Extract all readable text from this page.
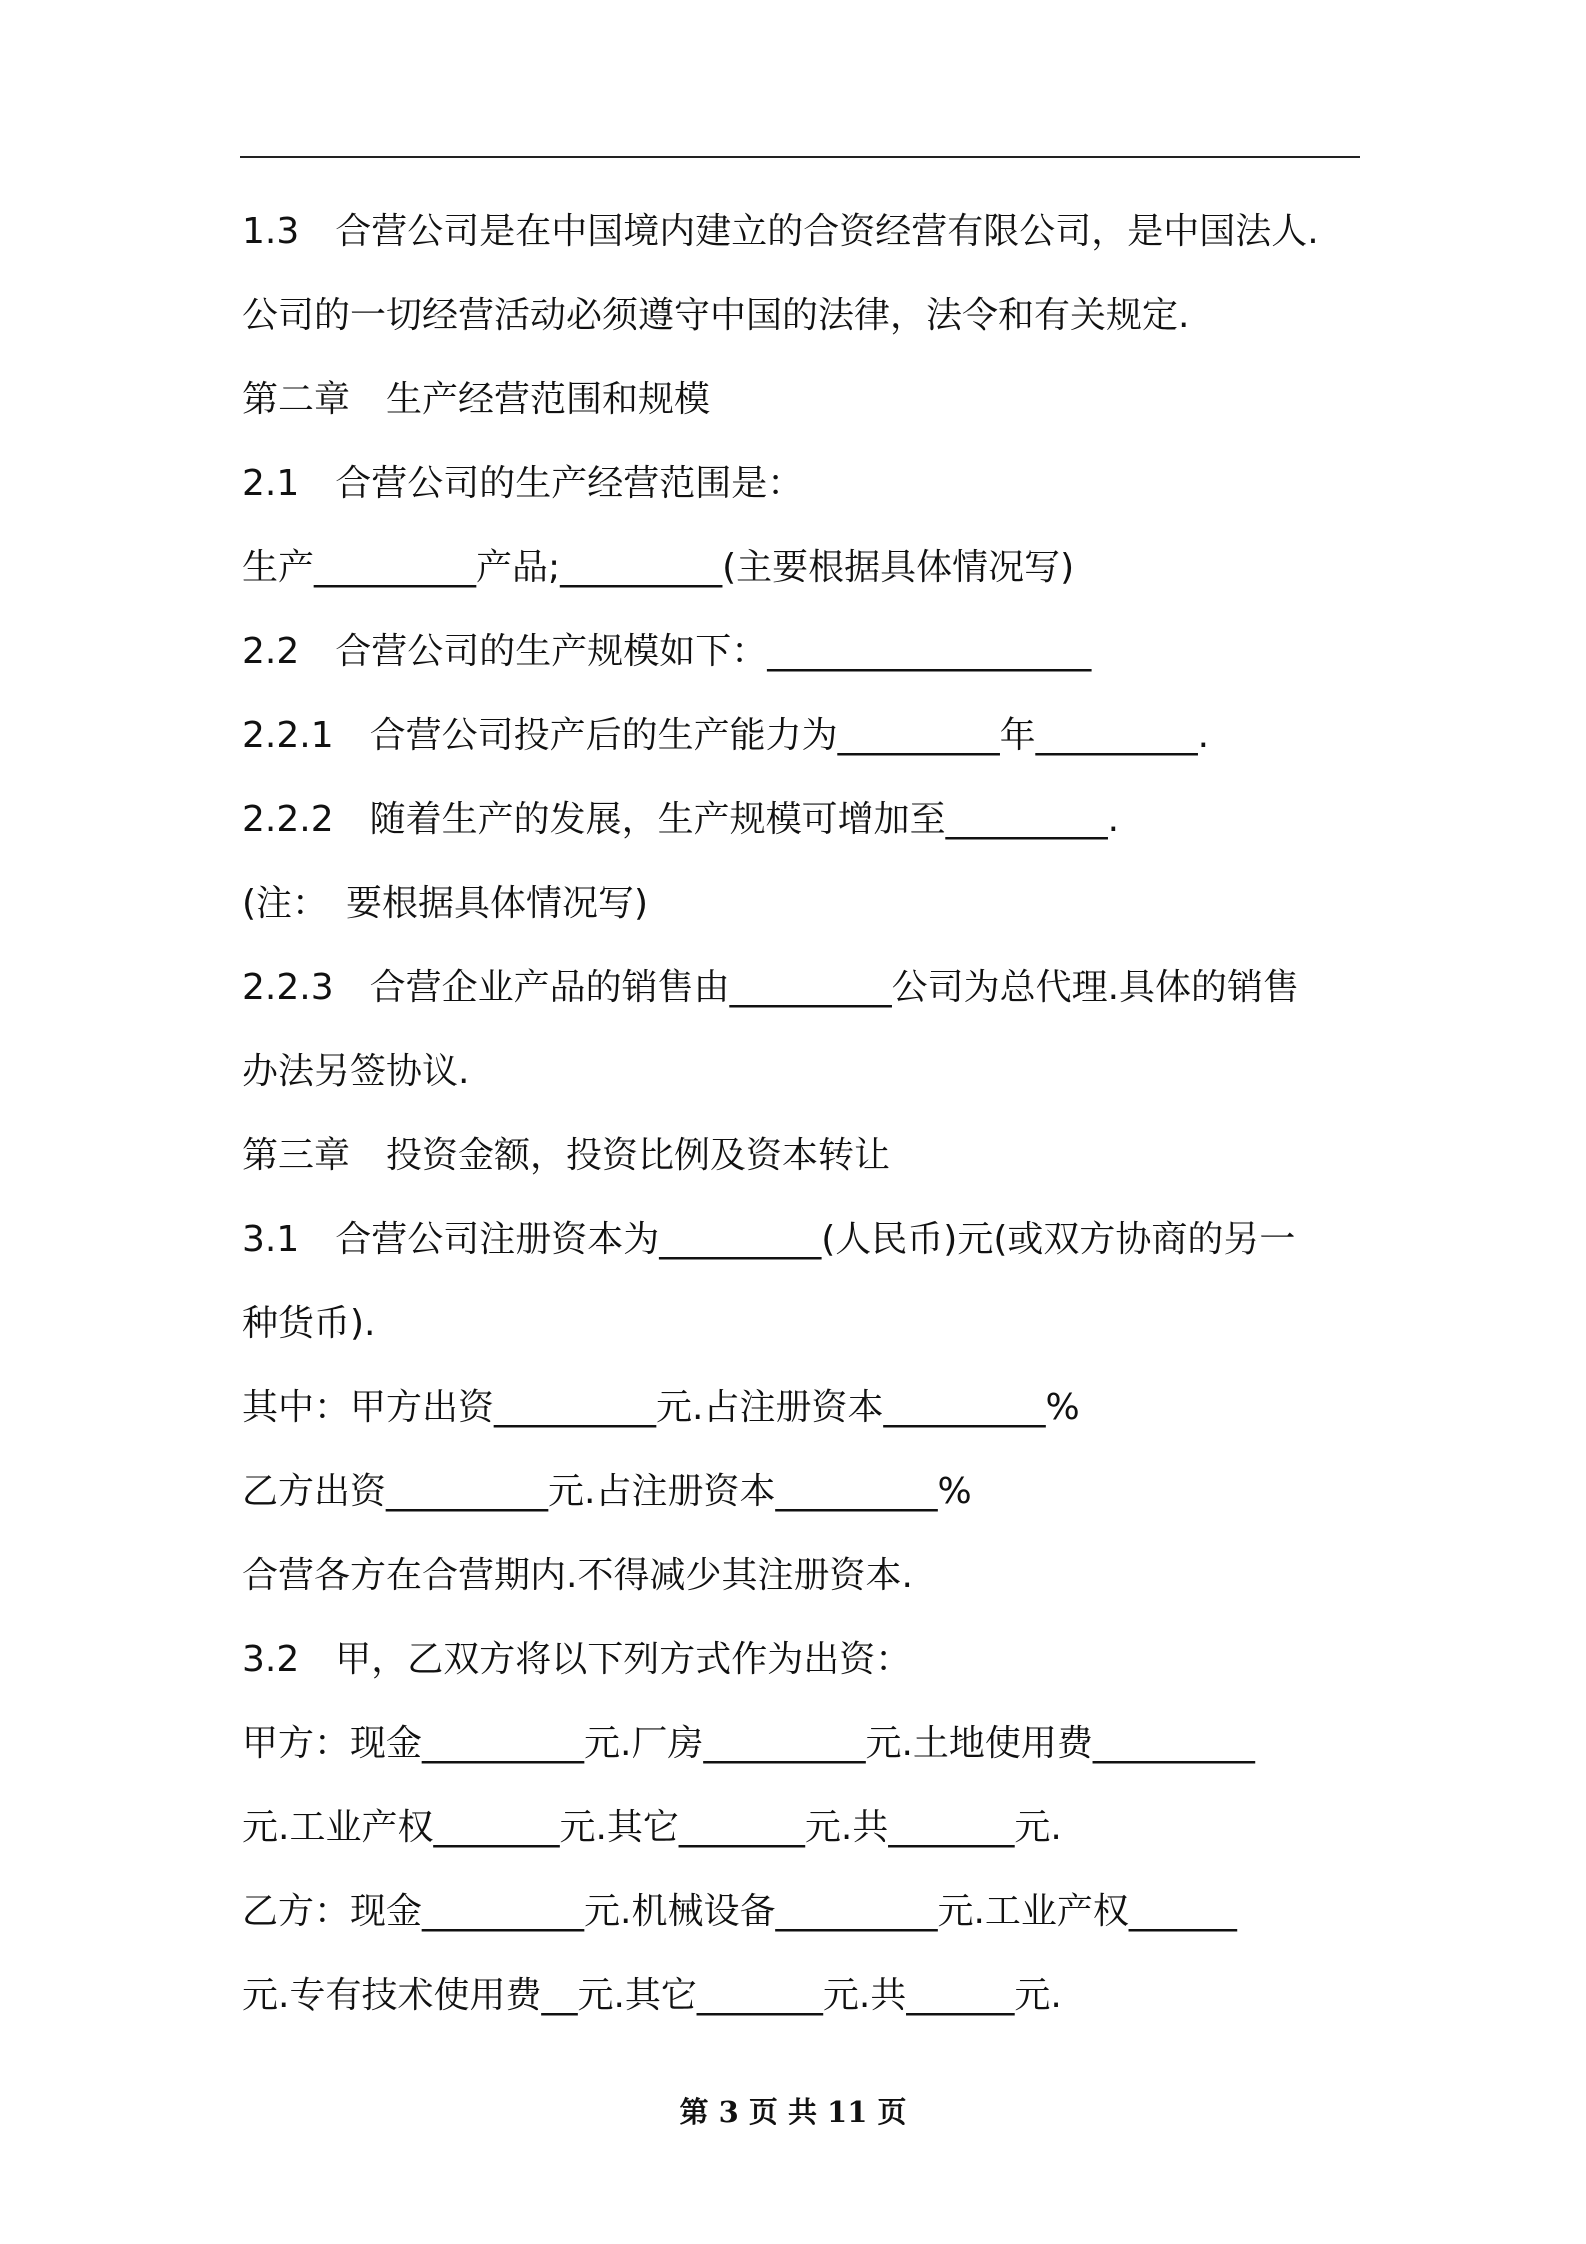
1.3　合营公司是在中国境内建立的合资经营有限公司，是中国法人.
公司的一切经营活动必须遵守中国的法律，法令和有关规定.
第二章　生产经营范围和规模
2.1　合营公司的生产经营范围是：
生产_________产品;_________(主要根据具体情况写)
2.2　合营公司的生产规模如下：__________________
2.2.1　合营公司投产后的生产能力为_________年_________.
2.2.2　随着生产的发展，生产规模可增加至_________.
(注：　要根据具体情况写)
2.2.3　合营企业产品的销售由_________公司为总代理.具体的销售
办法另签协议.
第三章　投资金额，投资比例及资本转让
3.1　合营公司注册资本为_________(人民币)元(或双方协商的另一
种货币).
其中：甲方出资_________元.占注册资本_________%
乙方出资_________元.占注册资本_________%
合营各方在合营期内.不得减少其注册资本.
3.2　甲，乙双方将以下列方式作为出资：
甲方：现金_________元.厂房_________元.土地使用费_________
元.工业产权_______元.其它_______元.共_______元.
乙方：现金_________元.机械设备_________元.工业产权______
元.专有技术使用费__元.其它_______元.共______元.
第 3 页 共 11 页
